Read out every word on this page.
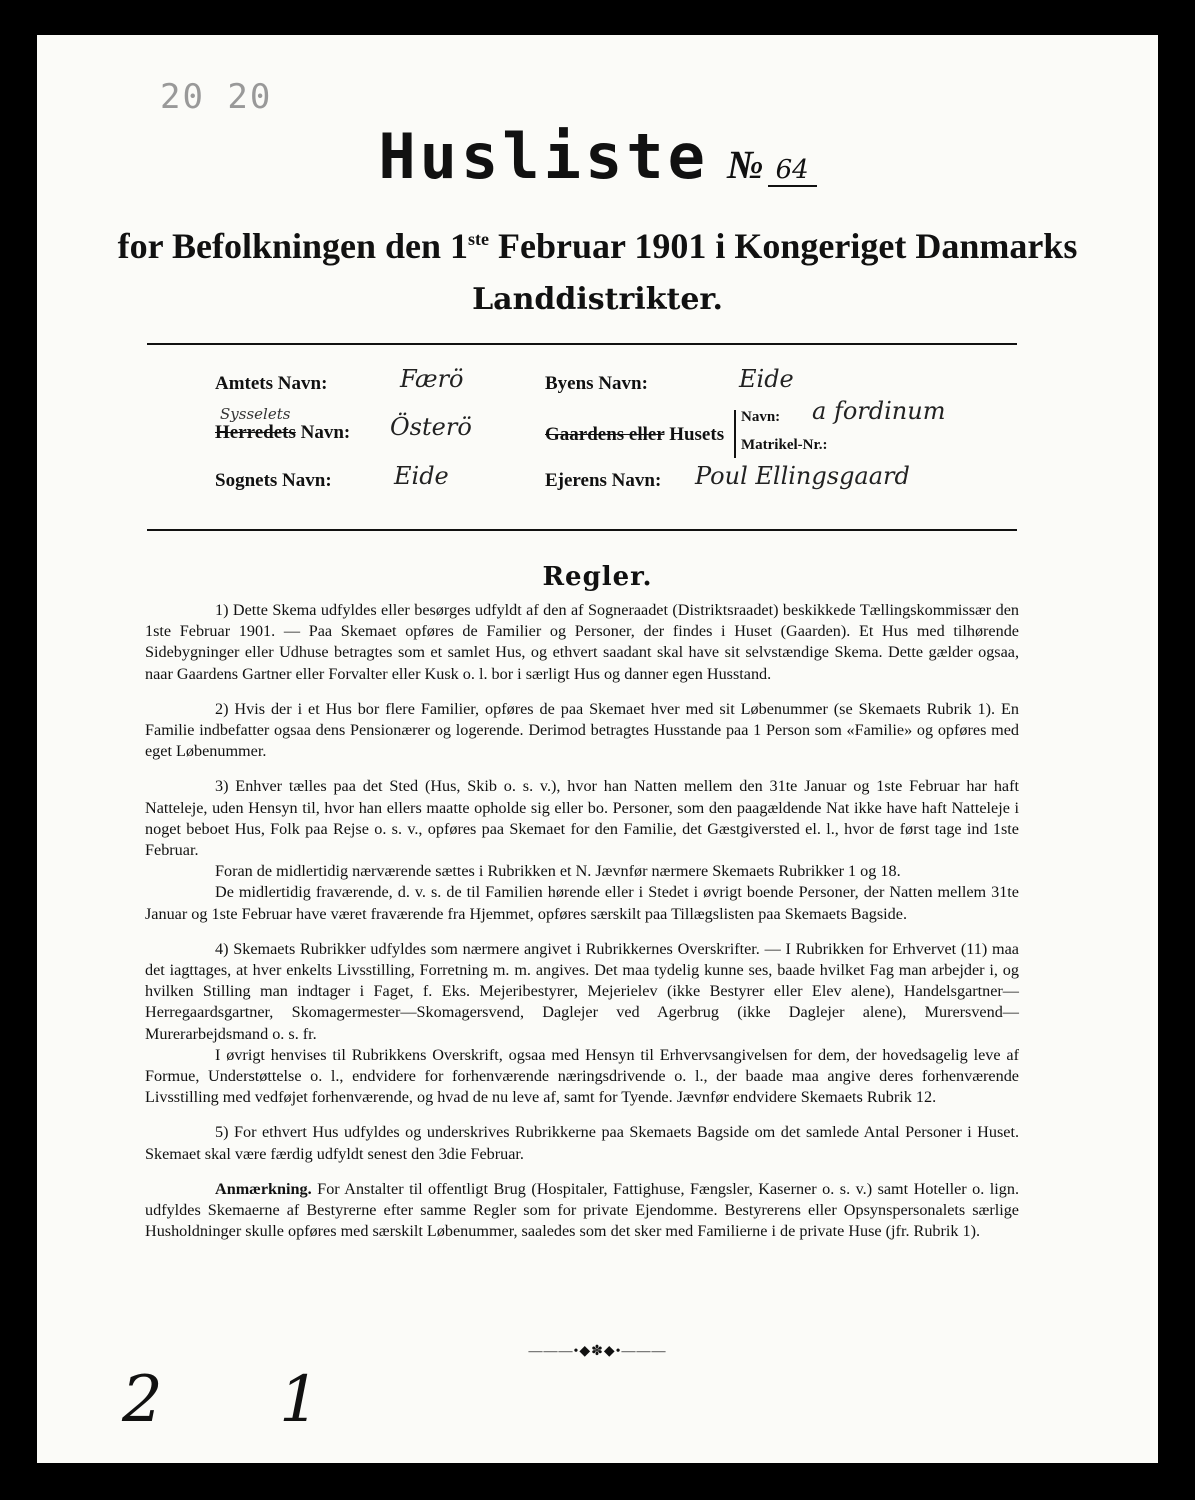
20 20
Husliste № 64
for Befolkningen den 1ste Februar 1901 i Kongeriget Danmarks
Landdistrikter.
Amtets Navn:	Færö
Sysselets
Herredets Navn: Österö
Sognets Navn:	Eide
Byens Navn:	Eide
Gaardens eller Husets
Navn: a fordinum
Matrikel-Nr.:
Ejerens Navn: Poul Ellingsgaard
Regler.

1) Dette Skema udfyldes eller besørges udfyldt af den af Sogneraadet (Distriktsraadet) beskikkede Tællingskommissær den 1ste Februar 1901. — Paa Skemaet opføres de Familier og Personer, der findes i Huset (Gaarden). Et Hus med tilhørende Sidebygninger eller Udhuse betragtes som et samlet Hus, og ethvert saadant skal have sit selvstændige Skema. Dette gælder ogsaa, naar Gaardens Gartner eller Forvalter eller Kusk o. l. bor i særligt Hus og danner egen Husstand.

2) Hvis der i et Hus bor flere Familier, opføres de paa Skemaet hver med sit Løbenummer (se Skemaets Rubrik 1). En Familie indbefatter ogsaa dens Pensionærer og logerende. Derimod betragtes Husstande paa 1 Person som «Familie» og opføres med eget Løbenummer.

3) Enhver tælles paa det Sted (Hus, Skib o. s. v.), hvor han Natten mellem den 31te Januar og 1ste Februar har haft Natteleje, uden Hensyn til, hvor han ellers maatte opholde sig eller bo. Personer, som den paagældende Nat ikke have haft Natteleje i noget beboet Hus, Folk paa Rejse o. s. v., opføres paa Skemaet for den Familie, det Gæstgiversted el. l., hvor de først tage ind 1ste Februar.

Foran de midlertidig nærværende sættes i Rubrikken et N. Jævnfør nærmere Skemaets Rubrikker 1 og 18.

De midlertidig fraværende, d. v. s. de til Familien hørende eller i Stedet i øvrigt boende Personer, der Natten mellem 31te Januar og 1ste Februar have været fraværende fra Hjemmet, opføres særskilt paa Tillægslisten paa Skemaets Bagside.

4) Skemaets Rubrikker udfyldes som nærmere angivet i Rubrikkernes Overskrifter. — I Rubrikken for Erhvervet (11) maa det iagttages, at hver enkelts Livsstilling, Forretning m. m. angives. Det maa tydelig kunne ses, baade hvilket Fag man arbejder i, og hvilken Stilling man indtager i Faget, f. Eks. Mejeribestyrer, Mejerielev (ikke Bestyrer eller Elev alene), Handelsgartner—Herregaardsgartner, Skomagermester—Skomagersvend, Daglejer ved Agerbrug (ikke Daglejer alene), Murersvend—Murerarbejdsmand o. s. fr.

I øvrigt henvises til Rubrikkens Overskrift, ogsaa med Hensyn til Erhvervsangivelsen for dem, der hovedsagelig leve af Formue, Understøttelse o. l., endvidere for forhenværende næringsdrivende o. l., der baade maa angive deres forhenværende Livsstilling med vedføjet forhenværende, og hvad de nu leve af, samt for Tyende. Jævnfør endvidere Skemaets Rubrik 12.

5) For ethvert Hus udfyldes og underskrives Rubrikkerne paa Skemaets Bagside om det samlede Antal Personer i Huset. Skemaet skal være færdig udfyldt senest den 3die Februar.

Anmærkning. For Anstalter til offentligt Brug (Hospitaler, Fattighuse, Fængsler, Kaserner o. s. v.) samt Hoteller o. lign. udfyldes Skemaerne af Bestyrerne efter samme Regler som for private Ejendomme. Bestyrerens eller Opsynspersonalets særlige Husholdninger skulle opføres med særskilt Løbenummer, saaledes som det sker med Familierne i de private Huse (jfr. Rubrik 1).

———•◆✽◆•———
2 1
